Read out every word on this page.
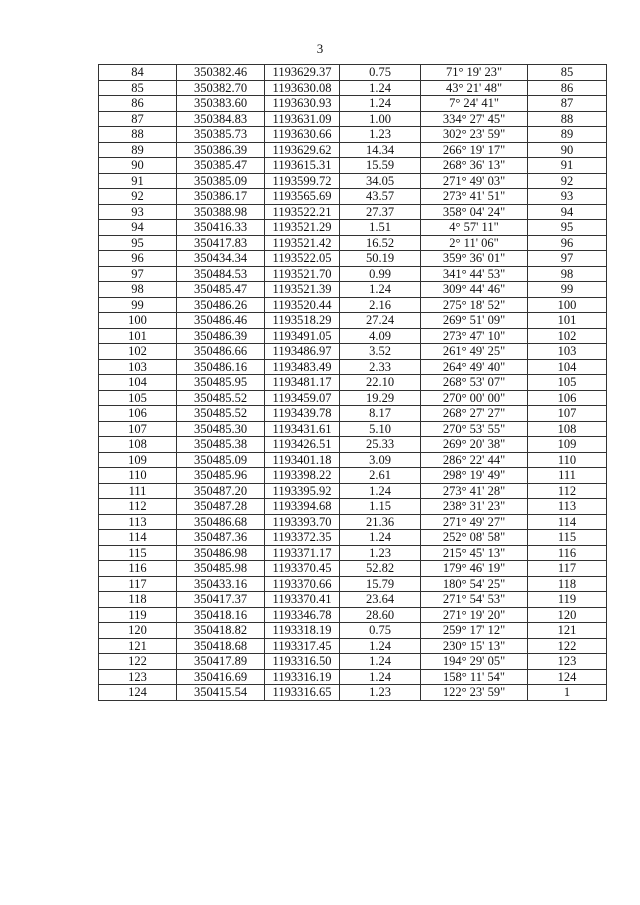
3
84	350382.46	1193629.37	0.75	71° 19' 23"	85
85	350382.70	1193630.08	1.24	43° 21' 48"	86
86	350383.60	1193630.93	1.24	7° 24' 41"	87
87	350384.83	1193631.09	1.00	334° 27' 45"	88
88	350385.73	1193630.66	1.23	302° 23' 59"	89
89	350386.39	1193629.62	14.34	266° 19' 17"	90
90	350385.47	1193615.31	15.59	268° 36' 13"	91
91	350385.09	1193599.72	34.05	271° 49' 03"	92
92	350386.17	1193565.69	43.57	273° 41' 51"	93
93	350388.98	1193522.21	27.37	358° 04' 24"	94
94	350416.33	1193521.29	1.51	4° 57' 11"	95
95	350417.83	1193521.42	16.52	2° 11' 06"	96
96	350434.34	1193522.05	50.19	359° 36' 01"	97
97	350484.53	1193521.70	0.99	341° 44' 53"	98
98	350485.47	1193521.39	1.24	309° 44' 46"	99
99	350486.26	1193520.44	2.16	275° 18' 52"	100
100	350486.46	1193518.29	27.24	269° 51' 09"	101
101	350486.39	1193491.05	4.09	273° 47' 10"	102
102	350486.66	1193486.97	3.52	261° 49' 25"	103
103	350486.16	1193483.49	2.33	264° 49' 40"	104
104	350485.95	1193481.17	22.10	268° 53' 07"	105
105	350485.52	1193459.07	19.29	270° 00' 00"	106
106	350485.52	1193439.78	8.17	268° 27' 27"	107
107	350485.30	1193431.61	5.10	270° 53' 55"	108
108	350485.38	1193426.51	25.33	269° 20' 38"	109
109	350485.09	1193401.18	3.09	286° 22' 44"	110
110	350485.96	1193398.22	2.61	298° 19' 49"	111
111	350487.20	1193395.92	1.24	273° 41' 28"	112
112	350487.28	1193394.68	1.15	238° 31' 23"	113
113	350486.68	1193393.70	21.36	271° 49' 27"	114
114	350487.36	1193372.35	1.24	252° 08' 58"	115
115	350486.98	1193371.17	1.23	215° 45' 13"	116
116	350485.98	1193370.45	52.82	179° 46' 19"	117
117	350433.16	1193370.66	15.79	180° 54' 25"	118
118	350417.37	1193370.41	23.64	271° 54' 53"	119
119	350418.16	1193346.78	28.60	271° 19' 20"	120
120	350418.82	1193318.19	0.75	259° 17' 12"	121
121	350418.68	1193317.45	1.24	230° 15' 13"	122
122	350417.89	1193316.50	1.24	194° 29' 05"	123
123	350416.69	1193316.19	1.24	158° 11' 54"	124
124	350415.54	1193316.65	1.23	122° 23' 59"	1
